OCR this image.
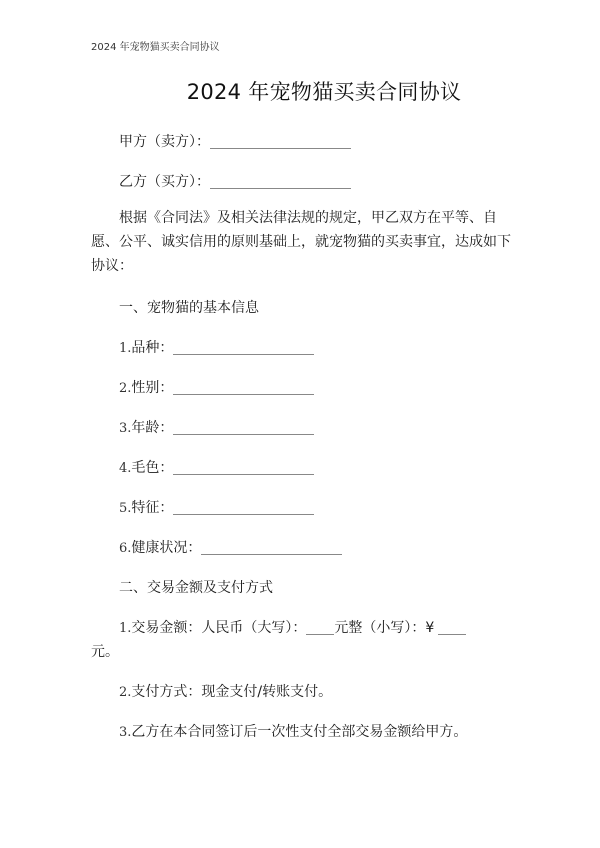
2024 年宠物猫买卖合同协议
2024 年宠物猫买卖合同协议
甲方（卖方）：
乙方（买方）：
根据《合同法》及相关法律法规的规定，甲乙双方在平等、自愿、公平、诚实信用的原则基础上，就宠物猫的买卖事宜，达成如下协议：
一、宠物猫的基本信息
1.品种：
2.性别：
3.年龄：
4.毛色：
5.特征：
6.健康状况：
二、交易金额及支付方式
1.交易金额：人民币（大写）： 元整（小写）：¥
元。
2.支付方式：现金支付/转账支付。
3.乙方在本合同签订后一次性支付全部交易金额给甲方。
